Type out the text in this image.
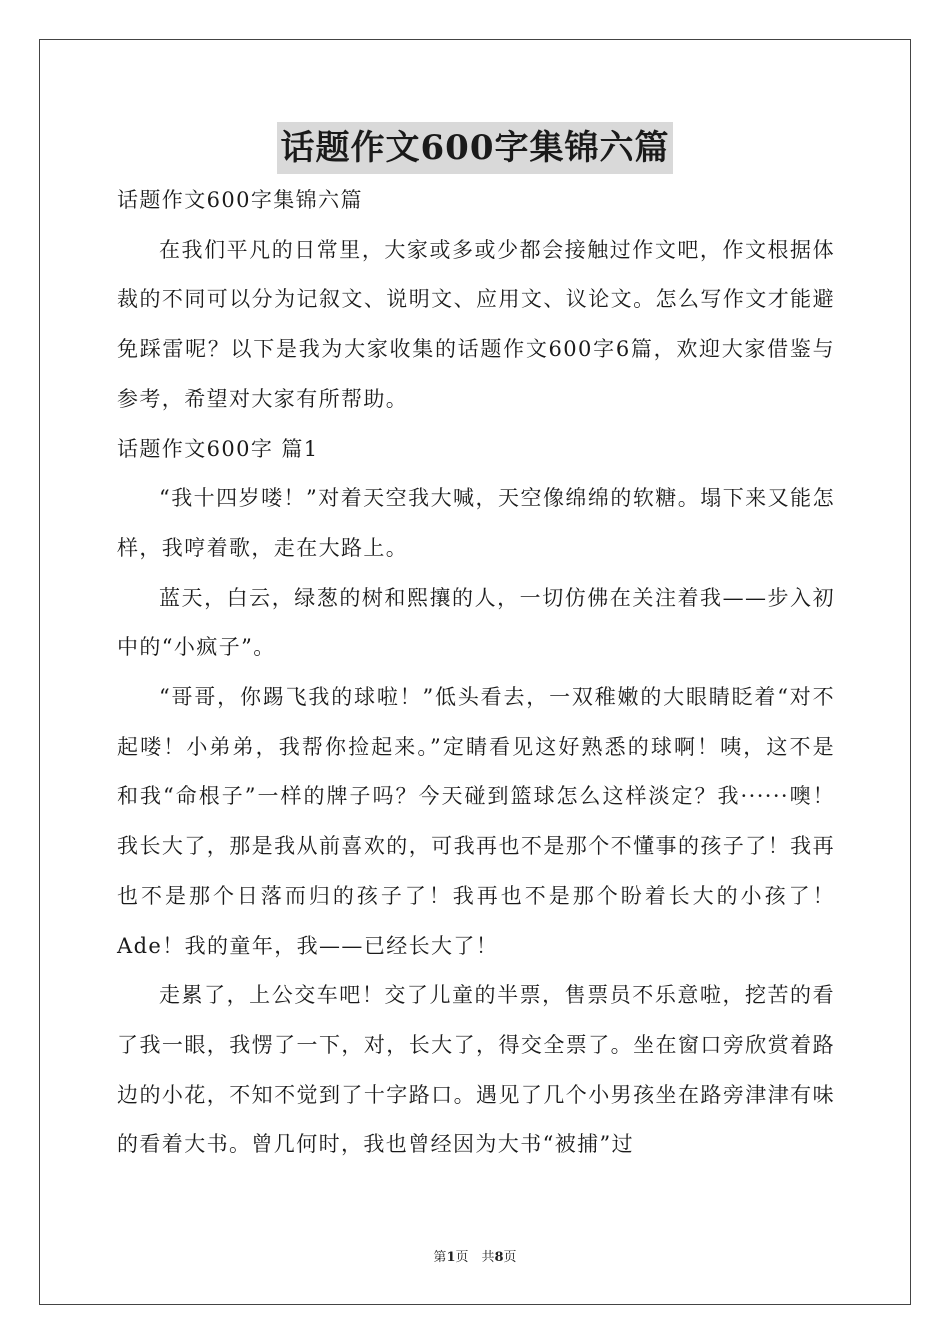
话题作文600字集锦六篇

话题作文600字集锦六篇

在我们平凡的日常里，大家或多或少都会接触过作文吧，作文根据体裁的不同可以分为记叙文、说明文、应用文、议论文。怎么写作文才能避免踩雷呢？以下是我为大家收集的话题作文600字6篇，欢迎大家借鉴与参考，希望对大家有所帮助。

话题作文600字 篇1

“我十四岁喽！”对着天空我大喊，天空像绵绵的软糖。塌下来又能怎样，我哼着歌，走在大路上。

蓝天，白云，绿葱的树和熙攘的人，一切仿佛在关注着我——步入初中的“小疯子”。

“哥哥，你踢飞我的球啦！”低头看去，一双稚嫩的大眼睛眨着“对不起喽！小弟弟，我帮你捡起来。”定睛看见这好熟悉的球啊！咦，这不是和我“命根子”一样的牌子吗？今天碰到篮球怎么这样淡定？我······噢！我长大了，那是我从前喜欢的，可我再也不是那个不懂事的孩子了！我再也不是那个日落而归的孩子了！我再也不是那个盼着长大的小孩了！Ade！我的童年，我——已经长大了！

走累了，上公交车吧！交了儿童的半票，售票员不乐意啦，挖苦的看了我一眼，我愣了一下，对，长大了，得交全票了。坐在窗口旁欣赏着路边的小花，不知不觉到了十字路口。遇见了几个小男孩坐在路旁津津有味的看着大书。曾几何时，我也曾经因为大书“被捕”过

第1页　共8页
